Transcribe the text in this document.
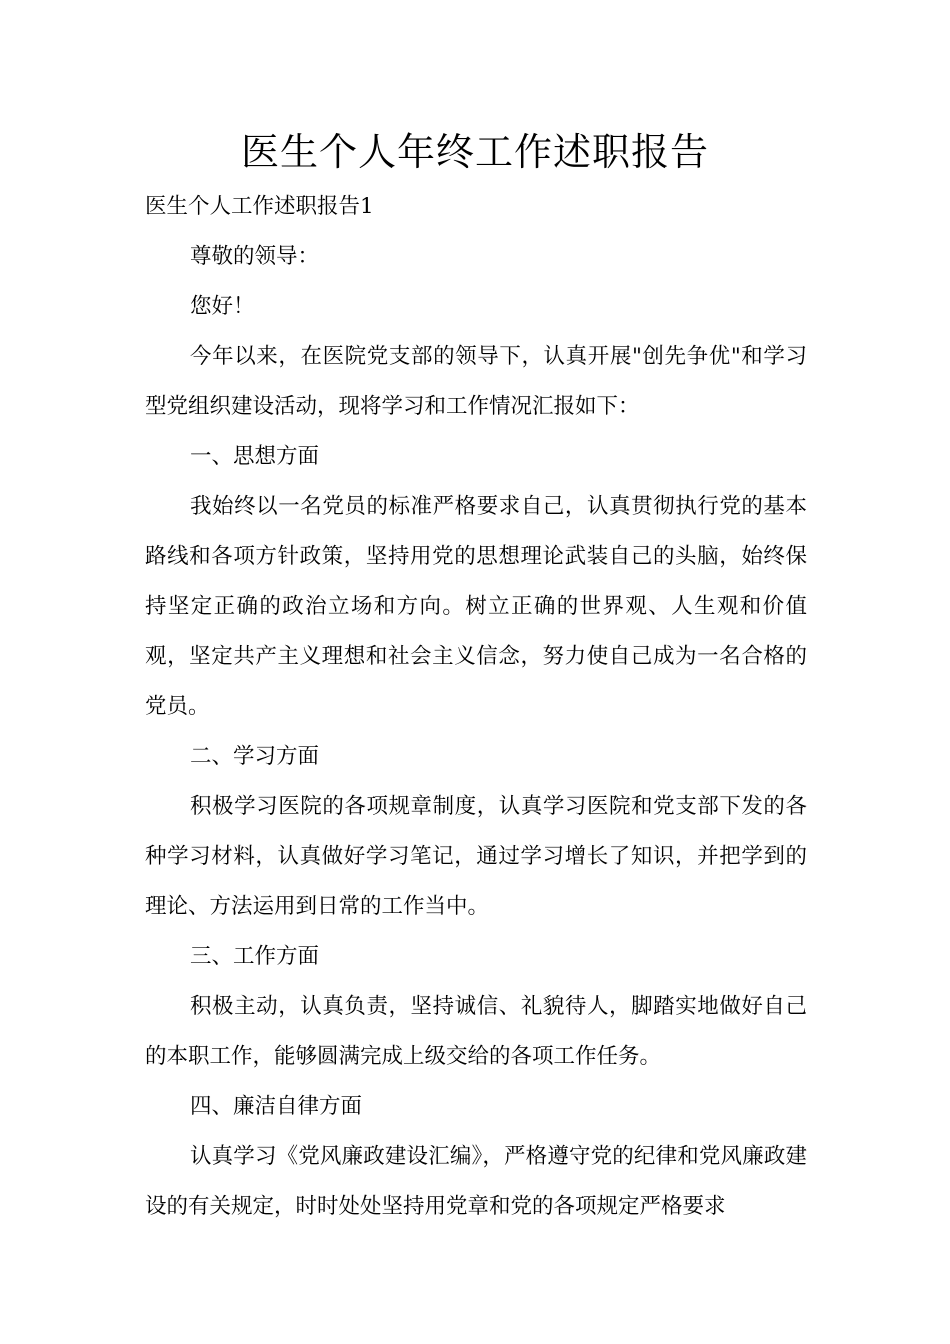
医生个人年终工作述职报告

医生个人工作述职报告1

尊敬的领导：

您好！

今年以来，在医院党支部的领导下，认真开展"创先争优"和学习型党组织建设活动，现将学习和工作情况汇报如下：

一、思想方面

我始终以一名党员的标准严格要求自己，认真贯彻执行党的基本路线和各项方针政策，坚持用党的思想理论武装自己的头脑，始终保持坚定正确的政治立场和方向。树立正确的世界观、人生观和价值观，坚定共产主义理想和社会主义信念，努力使自己成为一名合格的党员。

二、学习方面

积极学习医院的各项规章制度，认真学习医院和党支部下发的各种学习材料，认真做好学习笔记，通过学习增长了知识，并把学到的理论、方法运用到日常的工作当中。

三、工作方面

积极主动，认真负责，坚持诚信、礼貌待人，脚踏实地做好自己的本职工作，能够圆满完成上级交给的各项工作任务。

四、廉洁自律方面

认真学习《党风廉政建设汇编》，严格遵守党的纪律和党风廉政建设的有关规定，时时处处坚持用党章和党的各项规定严格要求
